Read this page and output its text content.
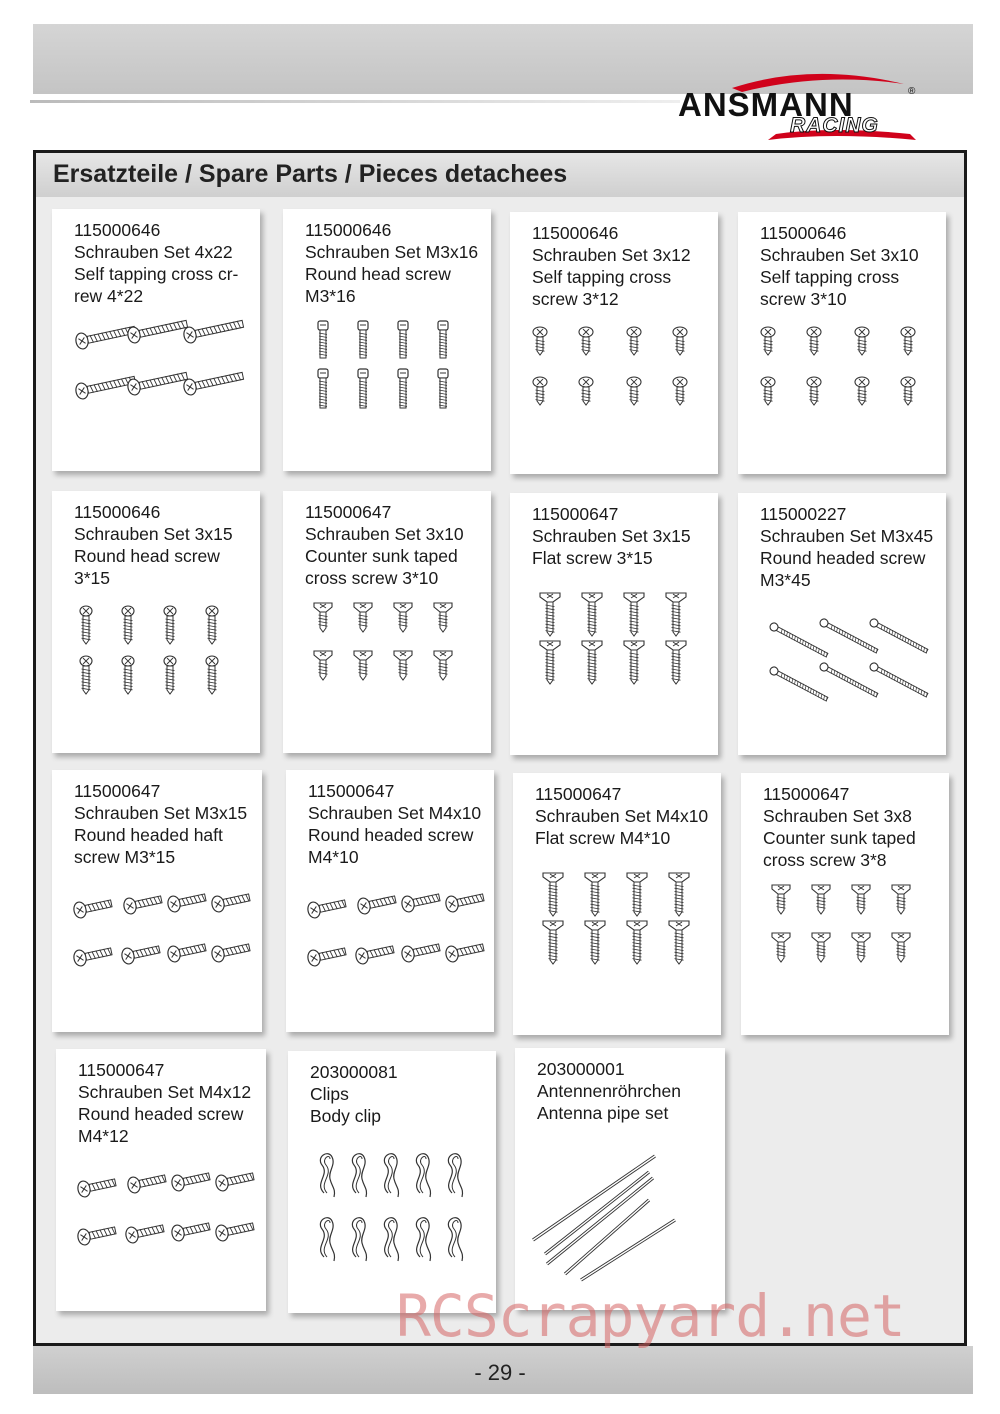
ANSMANN	®
RACING
Ersatzteile / Spare Parts / Pieces detachees
115000646
Schrauben Set 4x22
Self tapping cross cr-
rew 4*22
115000646
Schrauben Set M3x16
Round head screw
M3*16
115000646
Schrauben Set 3x12
Self tapping cross
screw 3*12
115000646
Schrauben Set 3x10
Self tapping cross
screw 3*10
115000646
Schrauben Set 3x15
Round head screw
3*15
115000647
Schrauben Set 3x10
Counter sunk taped
cross screw 3*10
115000647
Schrauben Set 3x15
Flat screw 3*15
115000227
Schrauben Set M3x45
Round headed screw
M3*45
115000647
Schrauben Set M3x15
Round headed haft
screw M3*15
115000647
Schrauben Set M4x10
Round headed screw
M4*10
115000647
Schrauben Set M4x10
Flat screw M4*10
115000647
Schrauben Set 3x8
Counter sunk taped
cross screw 3*8
115000647
Schrauben Set M4x12
Round headed screw
M4*12
203000081
Clips
Body clip
203000001
Antennenröhrchen
Antenna pipe set
- 29 -
RCScrapyard.net
